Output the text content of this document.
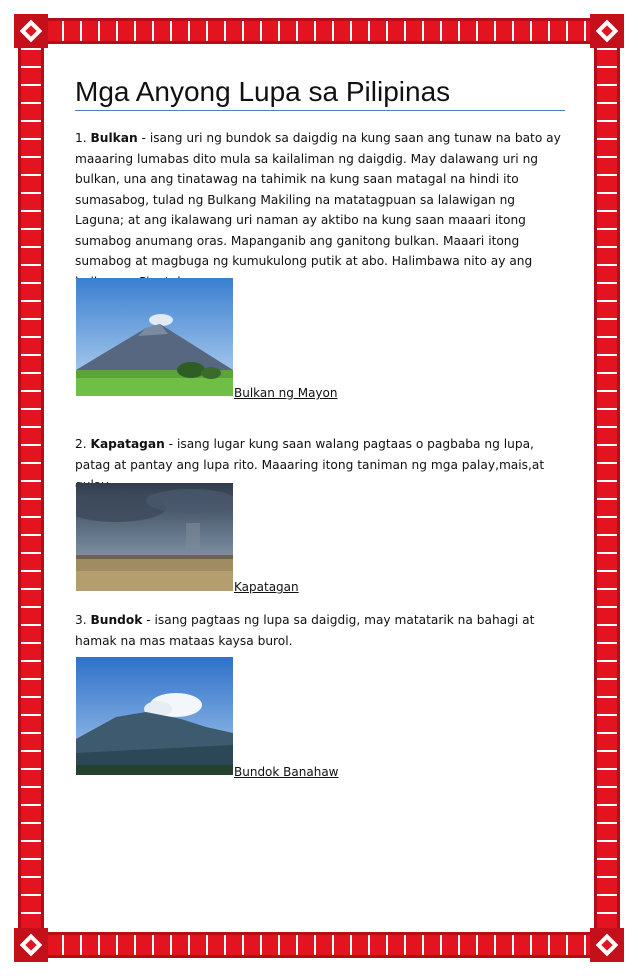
Mga Anyong Lupa sa Pilipinas

1. Bulkan - isang uri ng bundok sa daigdig na kung saan ang tunaw na bato ay maaaring lumabas dito mula sa kailaliman ng daigdig. May dalawang uri ng bulkan, una ang tinatawag na tahimik na kung saan matagal na hindi ito sumasabog, tulad ng Bulkang Makiling na matatagpuan sa lalawigan ng Laguna; at ang ikalawang uri naman ay aktibo na kung saan maaari itong sumabog anumang oras. Mapanganib ang ganitong bulkan. Maaari itong sumabog at magbuga ng kumukulong putik at abo. Halimbawa nito ay ang

Bulkan ng Mayon

2. Kapatagan - isang lugar kung saan walang pagtaas o pagbaba ng lupa, patag at pantay ang lupa rito. Maaaring itong taniman ng mga palay,mais,at

Kapatagan

3. Bundok - isang pagtaas ng lupa sa daigdig, may matatarik na bahagi at hamak na mas mataas kaysa burol.

Bundok Banahaw
